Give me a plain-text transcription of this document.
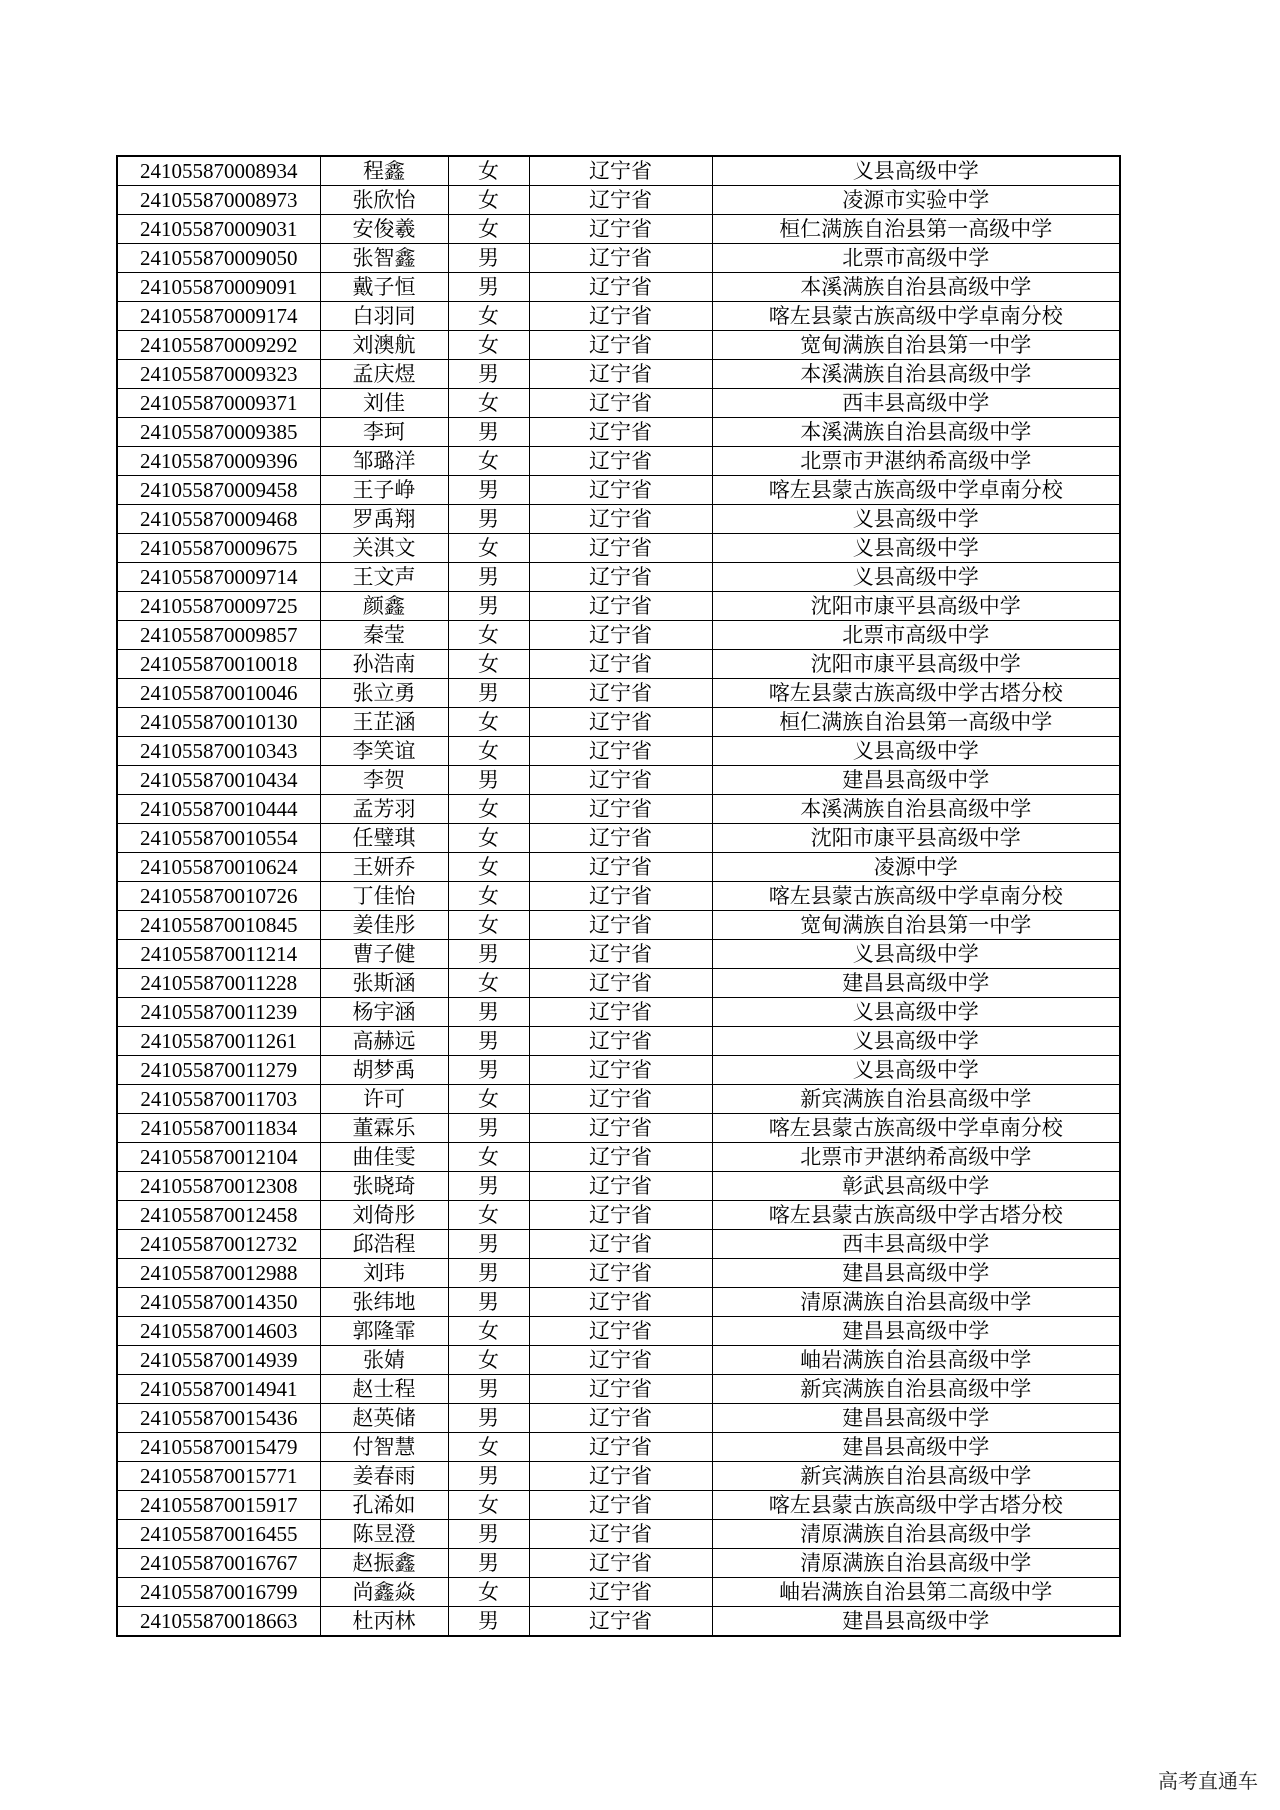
241055870008934	程鑫	女	辽宁省	义县高级中学
241055870008973	张欣怡	女	辽宁省	凌源市实验中学
241055870009031	安俊羲	女	辽宁省	桓仁满族自治县第一高级中学
241055870009050	张智鑫	男	辽宁省	北票市高级中学
241055870009091	戴子恒	男	辽宁省	本溪满族自治县高级中学
241055870009174	白羽同	女	辽宁省	喀左县蒙古族高级中学卓南分校
241055870009292	刘澳航	女	辽宁省	宽甸满族自治县第一中学
241055870009323	孟庆煜	男	辽宁省	本溪满族自治县高级中学
241055870009371	刘佳	女	辽宁省	西丰县高级中学
241055870009385	李珂	男	辽宁省	本溪满族自治县高级中学
241055870009396	邹璐洋	女	辽宁省	北票市尹湛纳希高级中学
241055870009458	王子峥	男	辽宁省	喀左县蒙古族高级中学卓南分校
241055870009468	罗禹翔	男	辽宁省	义县高级中学
241055870009675	关淇文	女	辽宁省	义县高级中学
241055870009714	王文声	男	辽宁省	义县高级中学
241055870009725	颜鑫	男	辽宁省	沈阳市康平县高级中学
241055870009857	秦莹	女	辽宁省	北票市高级中学
241055870010018	孙浩南	女	辽宁省	沈阳市康平县高级中学
241055870010046	张立勇	男	辽宁省	喀左县蒙古族高级中学古塔分校
241055870010130	王芷涵	女	辽宁省	桓仁满族自治县第一高级中学
241055870010343	李笑谊	女	辽宁省	义县高级中学
241055870010434	李贺	男	辽宁省	建昌县高级中学
241055870010444	孟芳羽	女	辽宁省	本溪满族自治县高级中学
241055870010554	任璧琪	女	辽宁省	沈阳市康平县高级中学
241055870010624	王妍乔	女	辽宁省	凌源中学
241055870010726	丁佳怡	女	辽宁省	喀左县蒙古族高级中学卓南分校
241055870010845	姜佳彤	女	辽宁省	宽甸满族自治县第一中学
241055870011214	曹子健	男	辽宁省	义县高级中学
241055870011228	张斯涵	女	辽宁省	建昌县高级中学
241055870011239	杨宇涵	男	辽宁省	义县高级中学
241055870011261	高赫远	男	辽宁省	义县高级中学
241055870011279	胡梦禹	男	辽宁省	义县高级中学
241055870011703	许可	女	辽宁省	新宾满族自治县高级中学
241055870011834	董霖乐	男	辽宁省	喀左县蒙古族高级中学卓南分校
241055870012104	曲佳雯	女	辽宁省	北票市尹湛纳希高级中学
241055870012308	张晓琦	男	辽宁省	彰武县高级中学
241055870012458	刘倚彤	女	辽宁省	喀左县蒙古族高级中学古塔分校
241055870012732	邱浩程	男	辽宁省	西丰县高级中学
241055870012988	刘玮	男	辽宁省	建昌县高级中学
241055870014350	张纬地	男	辽宁省	清原满族自治县高级中学
241055870014603	郭隆霏	女	辽宁省	建昌县高级中学
241055870014939	张婧	女	辽宁省	岫岩满族自治县高级中学
241055870014941	赵士程	男	辽宁省	新宾满族自治县高级中学
241055870015436	赵英储	男	辽宁省	建昌县高级中学
241055870015479	付智慧	女	辽宁省	建昌县高级中学
241055870015771	姜春雨	男	辽宁省	新宾满族自治县高级中学
241055870015917	孔浠如	女	辽宁省	喀左县蒙古族高级中学古塔分校
241055870016455	陈昱澄	男	辽宁省	清原满族自治县高级中学
241055870016767	赵振鑫	男	辽宁省	清原满族自治县高级中学
241055870016799	尚鑫焱	女	辽宁省	岫岩满族自治县第二高级中学
241055870018663	杜丙林	男	辽宁省	建昌县高级中学
高考直通车
